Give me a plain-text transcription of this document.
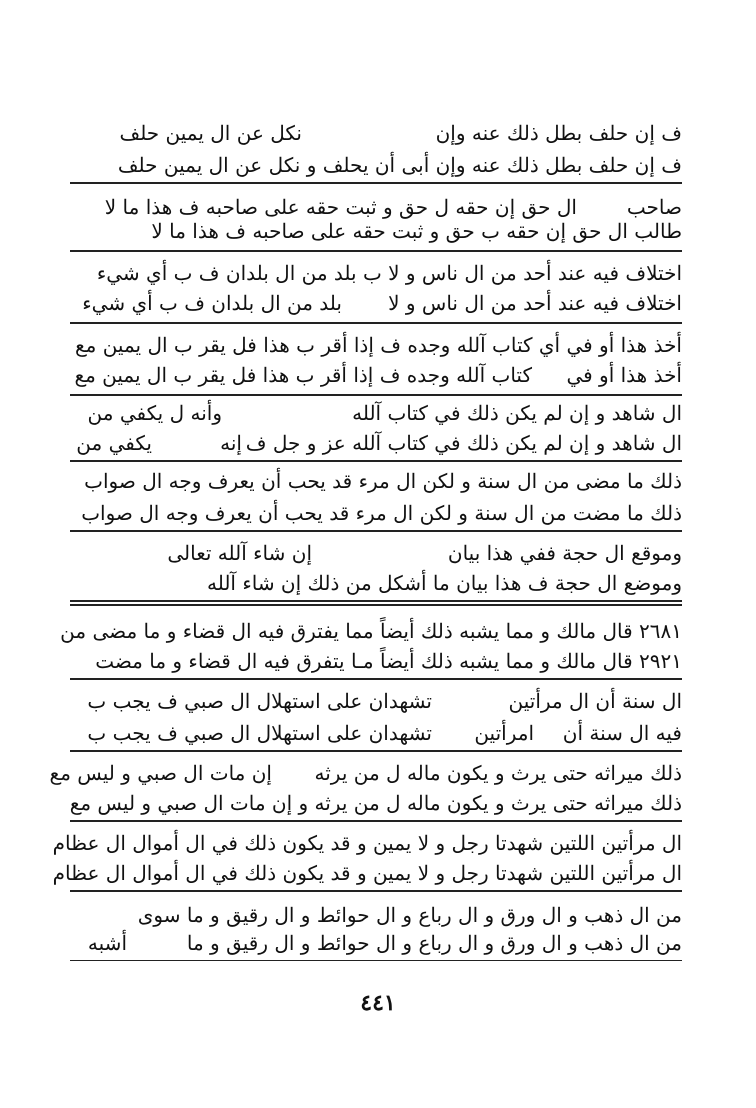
ف إن حلف بطل ذلك عنه وإن
نكل عن ال يمين حلف
ف إن حلف بطل ذلك عنه وإن أبى أن يحلف و نكل عن ال يمين حلف
صاحب
ال حق إن حقه ل حق و ثبت حقه على صاحبه ف هذا ما لا
طالب ال حق إن حقه ب حق و ثبت حقه على صاحبه ف هذا ما لا
اختلاف فيه عند أحد من ال ناس و لا ب بلد من ال بلدان ف ب أي شيء
اختلاف فيه عند أحد من ال ناس و لا
بلد من ال بلدان ف ب أي شيء
أخذ هذا أو في أي كتاب آلله وجده ف إذا أقر ب هذا فل يقر ب ال يمين مع
أخذ هذا أو في
كتاب آلله وجده ف إذا أقر ب هذا فل يقر ب ال يمين مع
ال شاهد و إن لم يكن ذلك في كتاب آلله
وأنه ل يكفي من
ال شاهد و إن لم يكن ذلك في كتاب آلله عز و جل ف
إنه
يكفي من
ذلك ما مضى من ال سنة و لكن ال مرء قد يحب أن يعرف وجه ال صواب
ذلك ما مضت من ال سنة و لكن ال مرء قد يحب أن يعرف وجه ال صواب
وموقع ال حجة ففي هذا بيان
إن شاء آلله تعالى
وموضع ال حجة ف هذا بيان ما أشكل من ذلك إن شاء آلله
٢٦٨١ قال مالك و مما يشبه ذلك أيضاً مما يفترق فيه ال قضاء و ما مضى من
٢٩٢١ قال مالك و مما يشبه ذلك أيضاً مـا يتفرق فيه ال قضاء و ما مضت
ال سنة أن ال مرأتين
تشهدان على استهلال ال صبي ف يجب ب
فيه ال سنة أن
امرأتين
تشهدان على استهلال ال صبي ف يجب ب
ذلك ميراثه حتى يرث و يكون ماله ل من يرثه
إن مات ال صبي و ليس مع
ذلك ميراثه حتى يرث و يكون ماله ل من يرثه و إن مات ال صبي و ليس مع
ال مرأتين اللتين شهدتا رجل و لا يمين و قد يكون ذلك في ال أموال ال عظام
ال مرأتين اللتين شهدتا رجل و لا يمين و قد يكون ذلك في ال أموال ال عظام
من ال ذهب و ال ورق و ال رباع و ال حوائط و ال رقيق و ما سوى
من ال ذهب و ال ورق و ال رباع و ال حوائط و ال رقيق و ما
أشبه
٤٤١
